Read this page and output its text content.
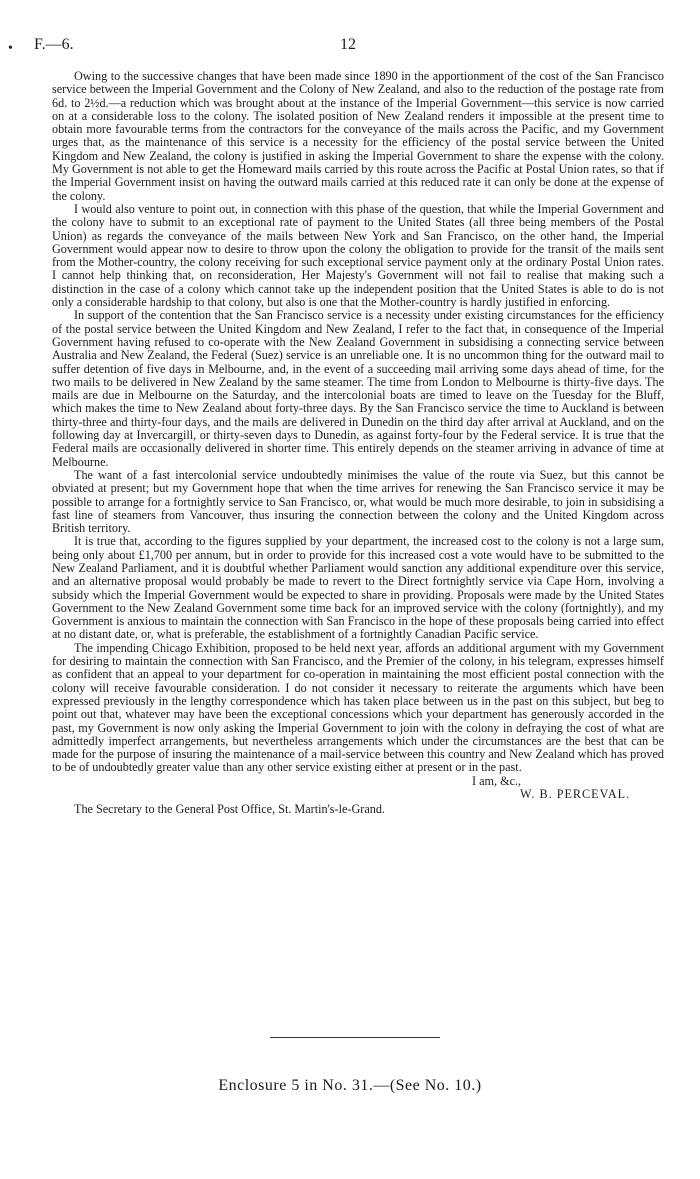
• F.—6.	12

Owing to the successive changes that have been made since 1890 in the apportionment of the cost of the San Francisco service between the Imperial Government and the Colony of New Zealand, and also to the reduction of the postage rate from 6d. to 2½d.—a reduction which was brought about at the instance of the Imperial Government—this service is now carried on at a considerable loss to the colony. The isolated position of New Zealand renders it impossible at the present time to obtain more favourable terms from the contractors for the conveyance of the mails across the Pacific, and my Government urges that, as the maintenance of this service is a necessity for the efficiency of the postal service between the United Kingdom and New Zealand, the colony is justified in asking the Imperial Government to share the expense with the colony. My Government is not able to get the Homeward mails carried by this route across the Pacific at Postal Union rates, so that if the Imperial Government insist on having the outward mails carried at this reduced rate it can only be done at the expense of the colony.

I would also venture to point out, in connection with this phase of the question, that while the Imperial Government and the colony have to submit to an exceptional rate of payment to the United States (all three being members of the Postal Union) as regards the conveyance of the mails between New York and San Francisco, on the other hand, the Imperial Government would appear now to desire to throw upon the colony the obligation to provide for the transit of the mails sent from the Mother-country, the colony receiving for such exceptional service payment only at the ordinary Postal Union rates. I cannot help thinking that, on reconsideration, Her Majesty's Government will not fail to realise that making such a distinction in the case of a colony which cannot take up the independent position that the United States is able to do is not only a considerable hardship to that colony, but also is one that the Mother-country is hardly justified in enforcing.

In support of the contention that the San Francisco service is a necessity under existing circumstances for the efficiency of the postal service between the United Kingdom and New Zealand, I refer to the fact that, in consequence of the Imperial Government having refused to co-operate with the New Zealand Government in subsidising a connecting service between Australia and New Zealand, the Federal (Suez) service is an unreliable one. It is no uncommon thing for the outward mail to suffer detention of five days in Melbourne, and, in the event of a succeeding mail arriving some days ahead of time, for the two mails to be delivered in New Zealand by the same steamer. The time from London to Melbourne is thirty-five days. The mails are due in Melbourne on the Saturday, and the intercolonial boats are timed to leave on the Tuesday for the Bluff, which makes the time to New Zealand about forty-three days. By the San Francisco service the time to Auckland is between thirty-three and thirty-four days, and the mails are delivered in Dunedin on the third day after arrival at Auckland, and on the following day at Invercargill, or thirty-seven days to Dunedin, as against forty-four by the Federal service. It is true that the Federal mails are occasionally delivered in shorter time. This entirely depends on the steamer arriving in advance of time at Melbourne.

The want of a fast intercolonial service undoubtedly minimises the value of the route via Suez, but this cannot be obviated at present; but my Government hope that when the time arrives for renewing the San Francisco service it may be possible to arrange for a fortnightly service to San Francisco, or, what would be much more desirable, to join in subsidising a fast line of steamers from Vancouver, thus insuring the connection between the colony and the United Kingdom across British territory.

It is true that, according to the figures supplied by your department, the increased cost to the colony is not a large sum, being only about £1,700 per annum, but in order to provide for this increased cost a vote would have to be submitted to the New Zealand Parliament, and it is doubtful whether Parliament would sanction any additional expenditure over this service, and an alternative proposal would probably be made to revert to the Direct fortnightly service via Cape Horn, involving a subsidy which the Imperial Government would be expected to share in providing. Proposals were made by the United States Government to the New Zealand Government some time back for an improved service with the colony (fortnightly), and my Government is anxious to maintain the connection with San Francisco in the hope of these proposals being carried into effect at no distant date, or, what is preferable, the establishment of a fortnightly Canadian Pacific service.

The impending Chicago Exhibition, proposed to be held next year, affords an additional argument with my Government for desiring to maintain the connection with San Francisco, and the Premier of the colony, in his telegram, expresses himself as confident that an appeal to your department for co-operation in maintaining the most efficient postal connection with the colony will receive favourable consideration. I do not consider it necessary to reiterate the arguments which have been expressed previously in the lengthy correspondence which has taken place between us in the past on this subject, but beg to point out that, whatever may have been the exceptional concessions which your department has generously accorded in the past, my Government is now only asking the Imperial Government to join with the colony in defraying the cost of what are admittedly imperfect arrangements, but nevertheless arrangements which under the circumstances are the best that can be made for the purpose of insuring the maintenance of a mail-service between this country and New Zealand which has proved to be of undoubtedly greater value than any other service existing either at present or in the past.

I am, &c.,
W. B. PERCEVAL.

The Secretary to the General Post Office, St. Martin's-le-Grand.

Enclosure 5 in No. 31.—(See No. 10.)
